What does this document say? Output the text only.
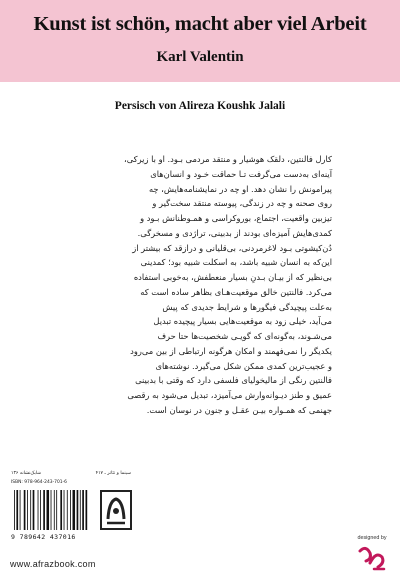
Kunst ist schön, macht aber viel Arbeit
Karl Valentin
Persisch von Alireza Koushk Jalali

کارل فالنتین، دلقک هوشیار و منتقد مردمی بـود. او با زیرکی،

آینه‌ای به‌دست می‌گرفت تـا حماقت خـود و انسان‌های

پیرامونش را نشان دهد. او چه در نمایشنامه‌هایش، چه

روی صحنه و چه در زندگی، پیوسته منتقد سخت‌گیر و

تیزبین واقعیت، اجتماع، بوروکراسی و همـوطنانش بـود و

کمدی‌هایش آمیزه‌ای بودند از بدبینی، تراژدی و مسخرگی.

دُن‌کیشوتی بـود لاغرمردنی، بی‌قلیانی و درازقد که بیشتر از

این‌که به انسان شبیه باشد، به اسکلت شبیه بود؛ کمدینی

بی‌نظیر که از بیـان بـدنِ بسیار منعطفش، به‌خوبی استفاده

می‌کرد. فالنتین خالق موقعیت‌هـای بظاهر ساده است که

به‌علت پیچیدگی فیگورها و شرایط جدیدی که پیش

می‌آید، خیلی زود به موقعیت‌هایی بسیار پیچیده تبدیل

می‌شـوند، به‌گونه‌ای که گویـی شخصیت‌ها حتا حرف

یکدیگر را نمی‌فهمند و امکان هرگونه ارتباطی از بین می‌رود

و عجیب‌ترین کمدی ممکن شکل می‌گیرد. نوشته‌های

فالنتین رنگی از مالیخولیای فلسفی دارد که وقتی با بدبینی

عمیق و طنز دیـوانه‌وارش می‌آمیزد، تبدیل می‌شود به رقصی

جهنمی که همـواره بیـن عقـل و جنون در نوسان است.

سینما و تئاتر ـ ۴۱۷
شابک‌نشانه ۱۳۶
ISBN: 978-964-243-701-6
9 789642 437016
www.afrazbook.com
designed by
